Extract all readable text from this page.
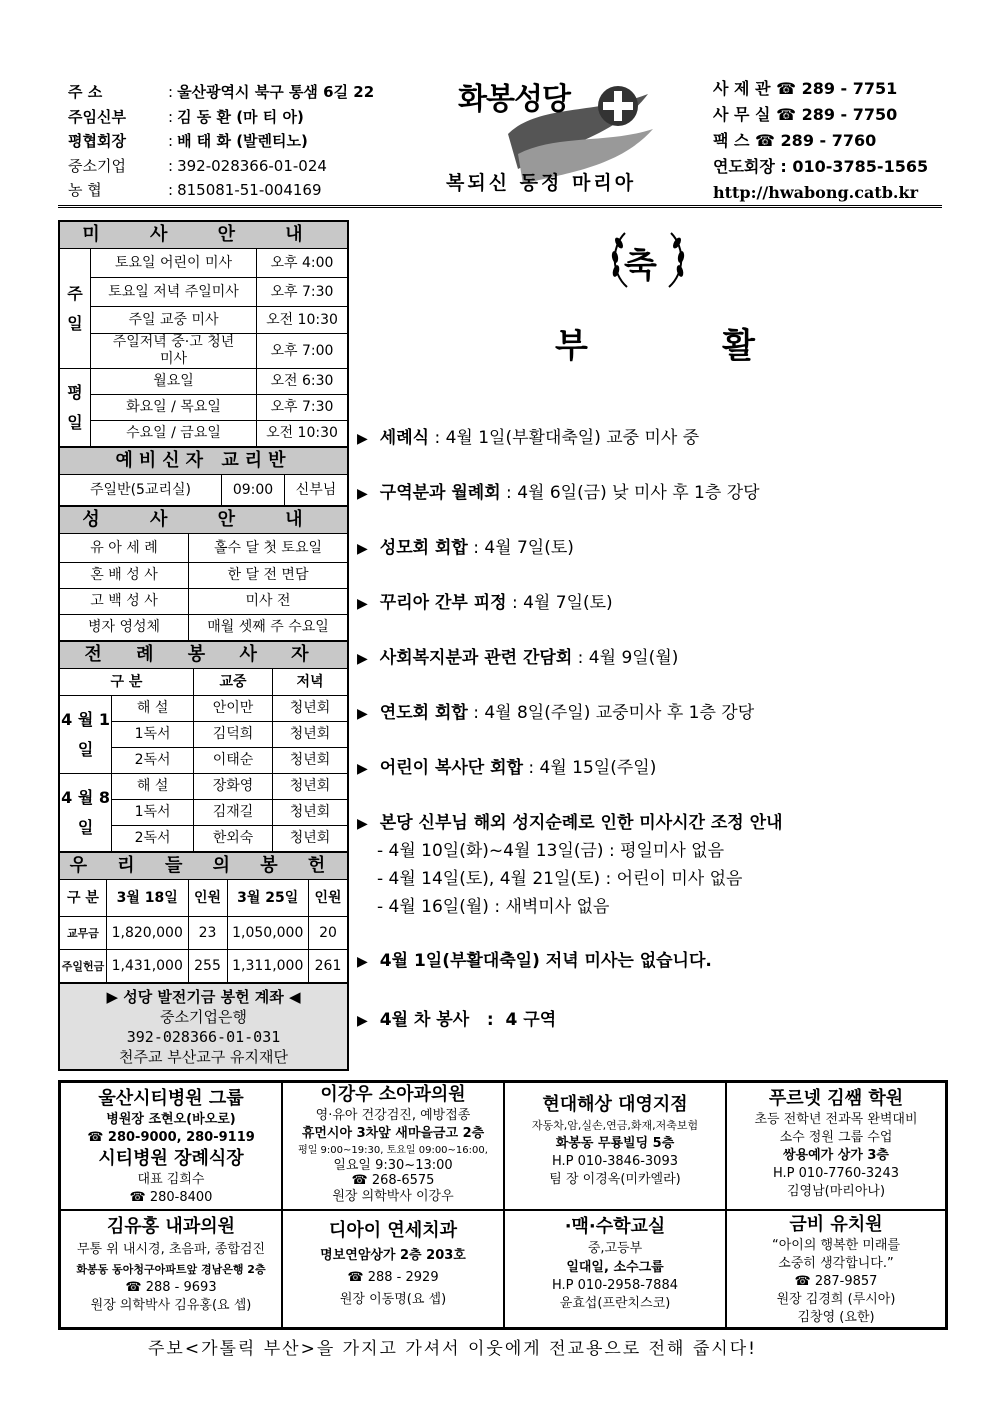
주 소	: 울산광역시 북구 통샘 6길 22
주임신부	: 김 동 환 (마 티 아)
평협회장	: 배 태 화 (발렌티노)
중소기업	: 392-028366-01-024
농 협	: 815081-51-004169
화봉성당
복되신 동정 마리아
사 제 관 ☎ 289 - 7751
사 무 실 ☎ 289 - 7750
팩 스 ☎ 289 - 7760
연도회장 : 010-3785-1565
http://hwabong.catb.kr
미 사 안 내
주일	토요일 어린이 미사	오후 4:00
	토요일 저녁 주일미사	오후 7:30
	주일 교중 미사	오전 10:30
	주일저녁 중·고 청년미사	오후 7:00

평일	월요일	오전 6:30
	화요일 / 목요일	오후 7:30
	수요일 / 금요일	오전 10:30
예비신자 교리반
주일반(5교리실)	09:00	신부님
성 사 안 내
유 아 세 례	홀수 달 첫 토요일
혼 배 성 사	한 달 전 면담
고 백 성 사	미사 전
병자 영성체	매월 셋째 주 수요일
전 례 봉 사 자
구 분		교중	저녁

4 월 1 일	해 설	안이만	청년회
	1독서	김덕희	청년회
	2독서	이태순	청년회

4 월 8 일	해 설	장화영	청년회
	1독서	김재길	청년회
	2독서	한외숙	청년회
우 리 들 의 봉 헌
구 분	3월 18일	인원	3월 25일	인원
교무금	1,820,000	23	1,050,000	20
주일헌금	1,431,000	255	1,311,000	261
▶ 성당 발전기금 봉헌 계좌 ◀
중소기업은행
392-028366-01-031
천주교 부산교구 유지재단
축
부	활
▶ 세례식 : 4월 1일(부활대축일) 교중 미사 중
▶ 구역분과 월례회 : 4월 6일(금) 낮 미사 후 1층 강당
▶ 성모회 회합 : 4월 7일(토)
▶ 꾸리아 간부 피정 : 4월 7일(토)
▶ 사회복지분과 관련 간담회 : 4월 9일(월)
▶ 연도회 회합 : 4월 8일(주일) 교중미사 후 1층 강당
▶ 어린이 복사단 회합 : 4월 15일(주일)
▶ 본당 신부님 해외 성지순례로 인한 미사시간 조정 안내
- 4월 10일(화)~4월 13일(금) : 평일미사 없음
- 4월 14일(토), 4월 21일(토) : 어린이 미사 없음
- 4월 16일(월) : 새벽미사 없음
▶ 4월 1일(부활대축일) 저녁 미사는 없습니다.
▶ 4월 차 봉사   :  4 구역
울산시티병원 그룹
병원장 조현오(바오로)
☎ 280-9000, 280-9119
시티병원 장례식장
대표 김희수
☎ 280-8400
이강우 소아과의원
영·유아 건강검진, 예방접종
휴먼시아 3차앞 새마을금고 2층
평일 9:00~19:30, 토요일 09:00~16:00,
일요일 9:30~13:00
☎ 268-6575
원장 의학박사 이강우
현대해상 대영지점
자동차,암,실손,연금,화재,저축보험
화봉동 무룡빌딩 5층
H.P 010-3846-3093
팀 장 이경옥(미카엘라)
푸르넷 김쌤 학원
초등 전학년 전과목 완벽대비
소수 정원 그룹 수업
쌍용예가 상가 3층
H.P 010-7760-3243
김영남(마리아나)
김유홍 내과의원
무통 위 내시경, 초음파, 종합검진
화봉동 동아청구아파트앞 경남은행 2층
☎ 288 - 9693
원장 의학박사 김유홍(요 셉)
디아이 연세치과
명보연암상가 2층 203호
☎ 288 - 2929
원장 이동명(요 셉)
·맥·수학교실
중,고등부
일대일, 소수그룹
H.P 010-2958-7884
윤효섭(프란치스코)
금비 유치원
“아이의 행복한 미래를
소중히 생각합니다.”
☎ 287-9857
원장 김경희 (루시아)
김창영 (요한)
주보<가톨릭 부산>을 가지고 가셔서 이웃에게 전교용으로 전해 줍시다!
